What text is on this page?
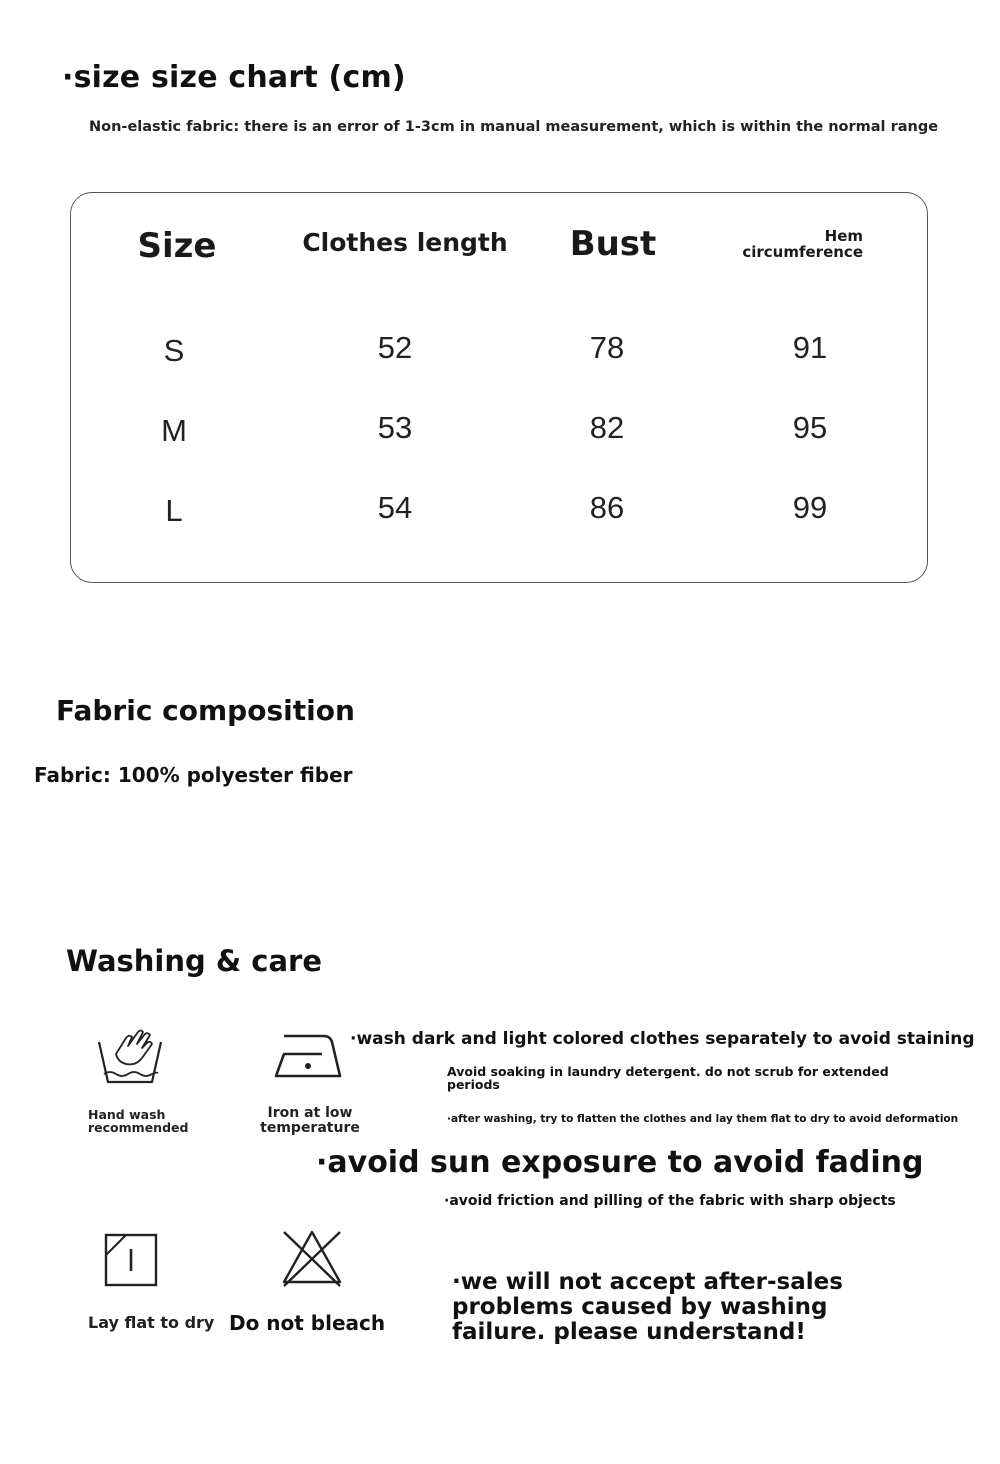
·size size chart (cm)
Non-elastic fabric: there is an error of 1-3cm in manual measurement, which is within the normal range
Size	Clothes length	Bust	Hem
circumference
S	52	78	91
M	53	82	95
L	54	86	99
Fabric composition
Fabric: 100% polyester fiber
Washing & care
Hand wash
recommended
Iron at low
temperature
·wash dark and light colored clothes separately to avoid staining
Avoid soaking in laundry detergent. do not scrub for extended
periods
·after washing, try to flatten the clothes and lay them flat to dry to avoid deformation
·avoid sun exposure to avoid fading
·avoid friction and pilling of the fabric with sharp objects
Lay flat to dry Do not bleach
·we will not accept after-sales
problems caused by washing
failure. please understand!
